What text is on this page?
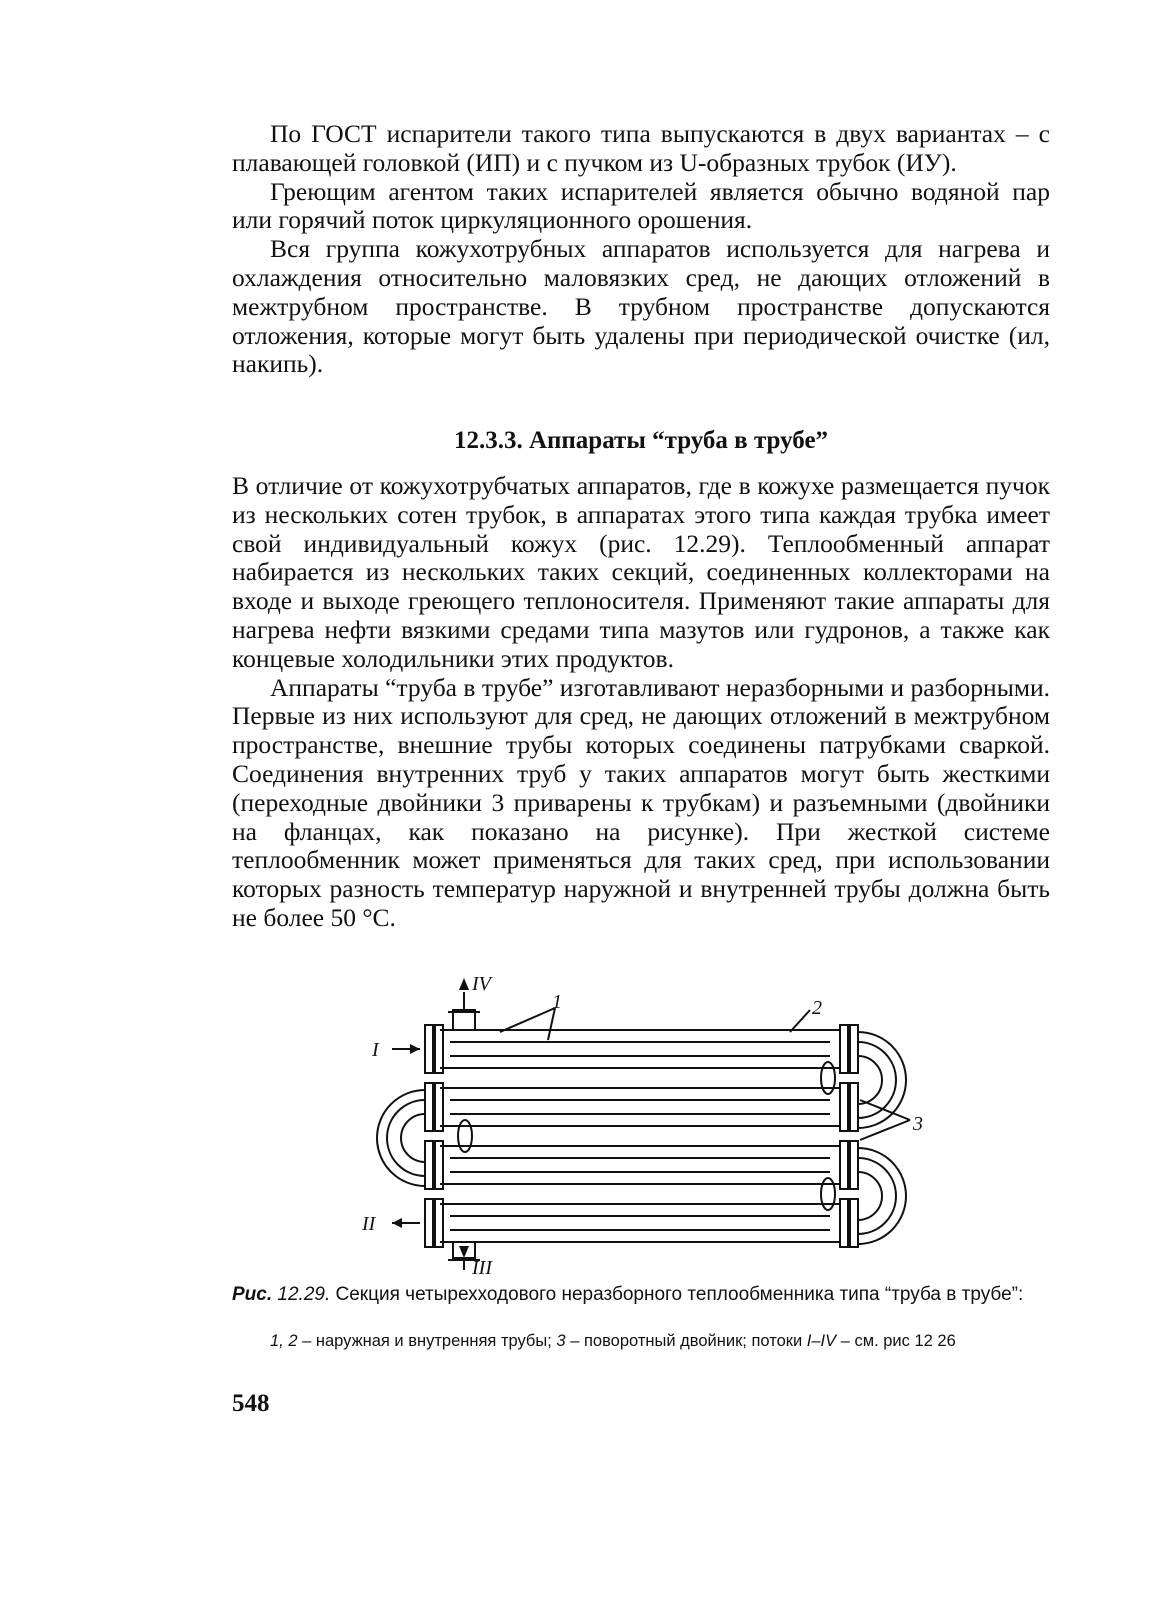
По ГОСТ испарители такого типа выпускаются в двух вариантах – с плавающей головкой (ИП) и с пучком из U-образных трубок (ИУ).

Греющим агентом таких испарителей является обычно водяной пар или горячий поток циркуляционного орошения.

Вся группа кожухотрубных аппаратов используется для нагрева и охлаждения относительно маловязких сред, не дающих отложений в межтрубном пространстве. В трубном пространстве допускаются отложения, которые могут быть удалены при периодической очистке (ил, накипь).

12.3.3. Аппараты “труба в трубе”

В отличие от кожухотрубчатых аппаратов, где в кожухе размещается пучок из нескольких сотен трубок, в аппаратах этого типа каждая трубка имеет свой индивидуальный кожух (рис. 12.29). Теплообменный аппарат набирается из нескольких таких секций, соединенных коллекторами на входе и выходе греющего теплоносителя. Применяют такие аппараты для нагрева нефти вязкими средами типа мазутов или гудронов, а также как концевые холодильники этих продуктов.

Аппараты “труба в трубе” изготавливают неразборными и разборными. Первые из них используют для сред, не дающих отложений в межтрубном пространстве, внешние трубы которых соединены патрубками сваркой. Соединения внутренних труб у таких аппаратов могут быть жесткими (переходные двойники 3 приварены к трубкам) и разъемными (двойники на фланцах, как показано на рисунке). При жесткой системе теплообменник может применяться для таких сред, при использовании которых разность температур наружной и внутренней трубы должна быть не более 50 °С.

I
II
III
IV
1	2
3
Рис. 12.29. Секция четырехходового неразборного теплообменника типа “труба в трубе”:
1, 2 – наружная и внутренняя трубы; 3 – поворотный двойник; потоки I–IV – см. рис 12 26
548
